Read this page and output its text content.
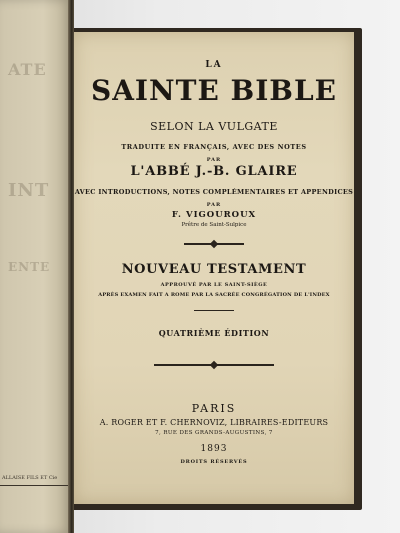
ATE
INT
ENTE
ALLAISE FILS ET Cie
LA
SAINTE BIBLE
SELON LA VULGATE
TRADUITE EN FRANÇAIS, AVEC DES NOTES
PAR
L'ABBÉ J.-B. GLAIRE
AVEC INTRODUCTIONS, NOTES COMPLÉMENTAIRES ET APPENDICES
PAR
F. VIGOUROUX
Prêtre de Saint-Sulpice
NOUVEAU TESTAMENT
APPROUVÉ PAR LE SAINT-SIÈGE
APRÈS EXAMEN FAIT A ROME PAR LA SACRÉE CONGRÉGATION DE L'INDEX
QUATRIÈME ÉDITION
PARIS
A. ROGER ET F. CHERNOVIZ, LIBRAIRES-EDITEURS
7, RUE DES GRANDS-AUGUSTINS, 7
1893
DROITS RÉSERVÉS
